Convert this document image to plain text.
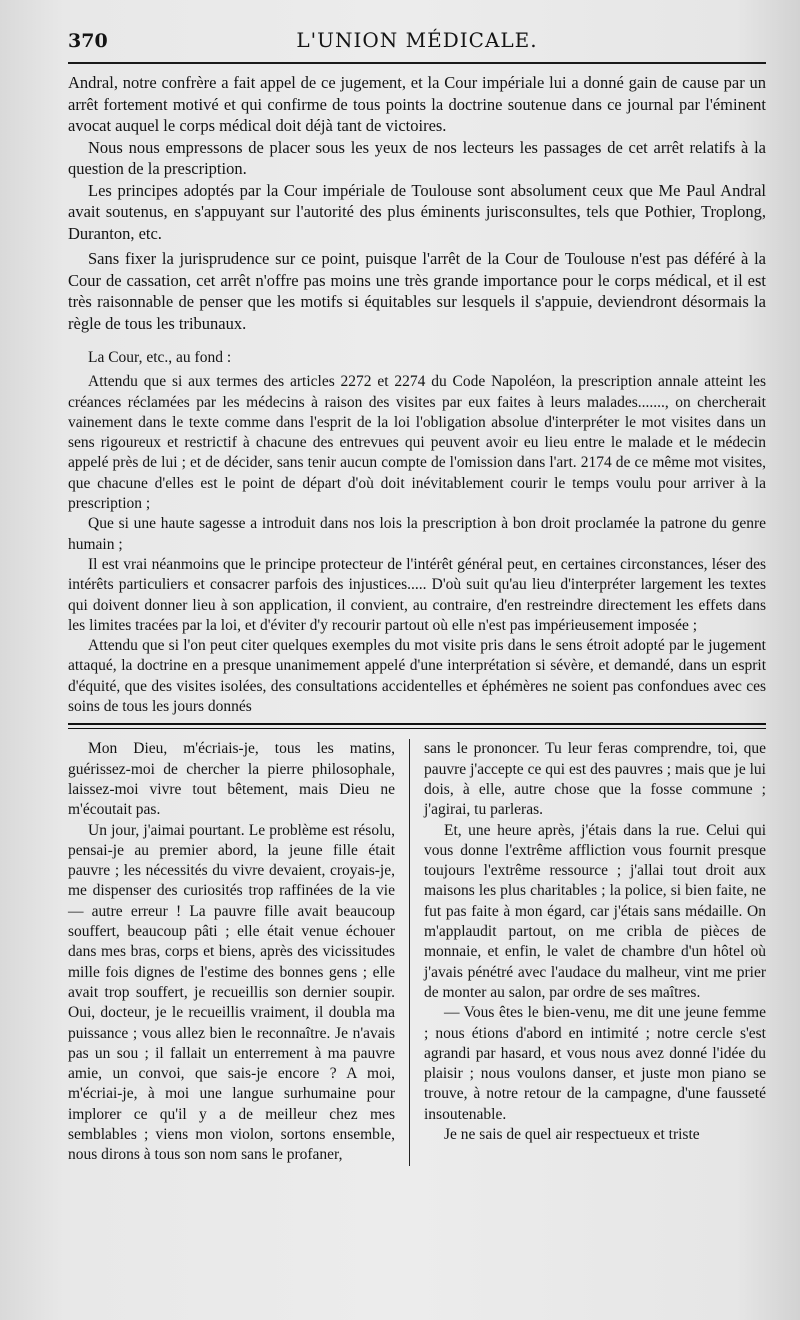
370	L'UNION MÉDICALE.

Andral, notre confrère a fait appel de ce jugement, et la Cour impériale lui a donné gain de cause par un arrêt fortement motivé et qui confirme de tous points la doctrine soutenue dans ce journal par l'éminent avocat auquel le corps médical doit déjà tant de victoires.

Nous nous empressons de placer sous les yeux de nos lecteurs les passages de cet arrêt relatifs à la question de la prescription.

Les principes adoptés par la Cour impériale de Toulouse sont absolument ceux que Me Paul Andral avait soutenus, en s'appuyant sur l'autorité des plus éminents jurisconsultes, tels que Pothier, Troplong, Duranton, etc.

Sans fixer la jurisprudence sur ce point, puisque l'arrêt de la Cour de Toulouse n'est pas déféré à la Cour de cassation, cet arrêt n'offre pas moins une très grande importance pour le corps médical, et il est très raisonnable de penser que les motifs si équitables sur lesquels il s'appuie, deviendront désormais la règle de tous les tribunaux.

La Cour, etc., au fond :

Attendu que si aux termes des articles 2272 et 2274 du Code Napoléon, la prescription annale atteint les créances réclamées par les médecins à raison des visites par eux faites à leurs malades......., on chercherait vainement dans le texte comme dans l'esprit de la loi l'obligation absolue d'interpréter le mot visites dans un sens rigoureux et restrictif à chacune des entrevues qui peuvent avoir eu lieu entre le malade et le médecin appelé près de lui ; et de décider, sans tenir aucun compte de l'omission dans l'art. 2174 de ce même mot visites, que chacune d'elles est le point de départ d'où doit inévitablement courir le temps voulu pour arriver à la prescription ;

Que si une haute sagesse a introduit dans nos lois la prescription à bon droit proclamée la patrone du genre humain ;

Il est vrai néanmoins que le principe protecteur de l'intérêt général peut, en certaines circonstances, léser des intérêts particuliers et consacrer parfois des injustices..... D'où suit qu'au lieu d'interpréter largement les textes qui doivent donner lieu à son application, il convient, au contraire, d'en restreindre directement les effets dans les limites tracées par la loi, et d'éviter d'y recourir partout où elle n'est pas impérieusement imposée ;

Attendu que si l'on peut citer quelques exemples du mot visite pris dans le sens étroit adopté par le jugement attaqué, la doctrine en a presque unanimement appelé d'une interprétation si sévère, et demandé, dans un esprit d'équité, que des visites isolées, des consultations accidentelles et éphémères ne soient pas confondues avec ces soins de tous les jours donnés

Mon Dieu, m'écriais-je, tous les matins, guérissez-moi de chercher la pierre philosophale, laissez-moi vivre tout bêtement, mais Dieu ne m'écoutait pas.

Un jour, j'aimai pourtant. Le problème est résolu, pensai-je au premier abord, la jeune fille était pauvre ; les nécessités du vivre devaient, croyais-je, me dispenser des curiosités trop raffinées de la vie — autre erreur ! La pauvre fille avait beaucoup souffert, beaucoup pâti ; elle était venue échouer dans mes bras, corps et biens, après des vicissitudes mille fois dignes de l'estime des bonnes gens ; elle avait trop souffert, je recueillis son dernier soupir. Oui, docteur, je le recueillis vraiment, il doubla ma puissance ; vous allez bien le reconnaître. Je n'avais pas un sou ; il fallait un enterrement à ma pauvre amie, un convoi, que sais-je encore ? A moi, m'écriai-je, à moi une langue surhumaine pour implorer ce qu'il y a de meilleur chez mes semblables ; viens mon violon, sortons ensemble, nous dirons à tous son nom sans le profaner,

sans le prononcer. Tu leur feras comprendre, toi, que pauvre j'accepte ce qui est des pauvres ; mais que je lui dois, à elle, autre chose que la fosse commune ; j'agirai, tu parleras.

Et, une heure après, j'étais dans la rue. Celui qui vous donne l'extrême affliction vous fournit presque toujours l'extrême ressource ; j'allai tout droit aux maisons les plus charitables ; la police, si bien faite, ne fut pas faite à mon égard, car j'étais sans médaille. On m'applaudit partout, on me cribla de pièces de monnaie, et enfin, le valet de chambre d'un hôtel où j'avais pénétré avec l'audace du malheur, vint me prier de monter au salon, par ordre de ses maîtres.

— Vous êtes le bien-venu, me dit une jeune femme ; nous étions d'abord en intimité ; notre cercle s'est agrandi par hasard, et vous nous avez donné l'idée du plaisir ; nous voulons danser, et juste mon piano se trouve, à notre retour de la campagne, d'une fausseté insoutenable.

Je ne sais de quel air respectueux et triste
